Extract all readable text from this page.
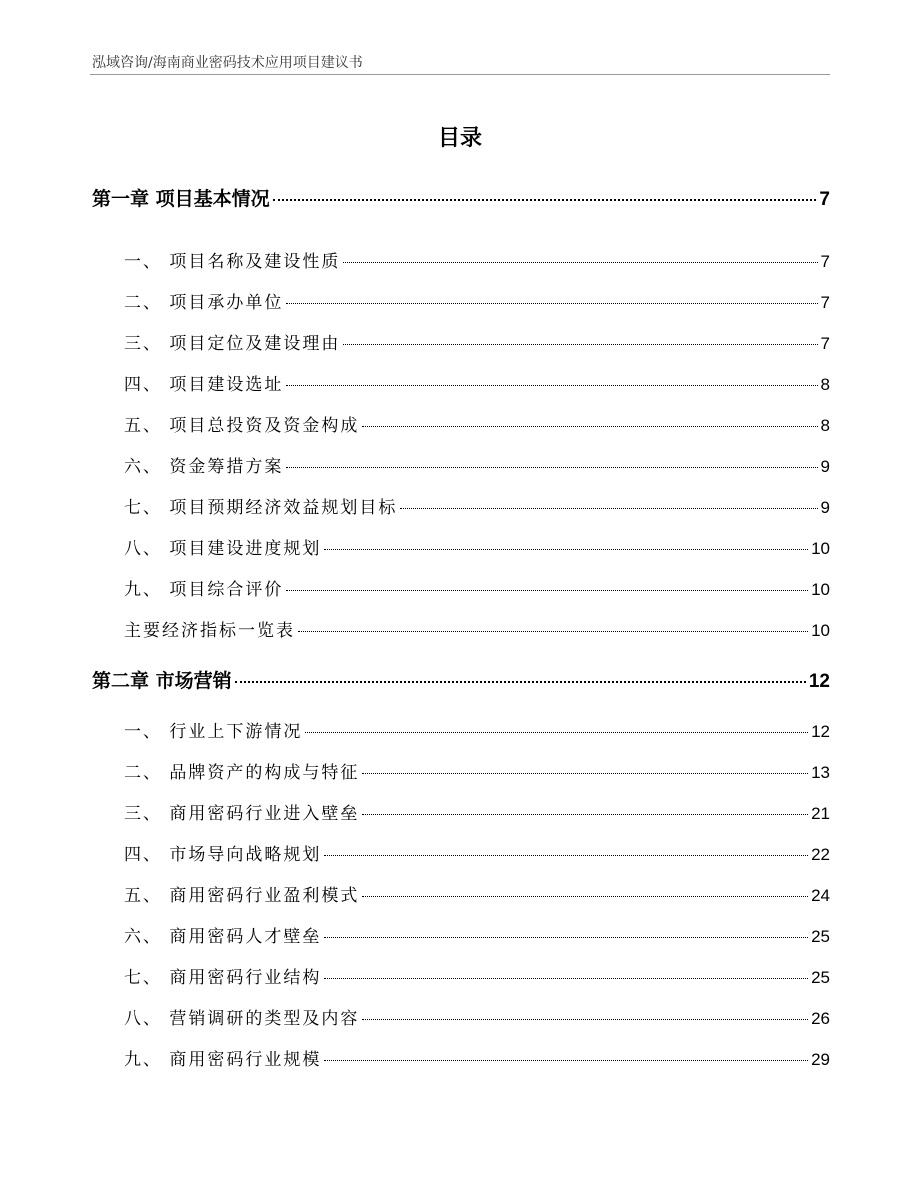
泓域咨询/海南商业密码技术应用项目建议书
目录
第一章 项目基本情况	7
一、 项目名称及建设性质	7
二、 项目承办单位	7
三、 项目定位及建设理由	7
四、 项目建设选址	8
五、 项目总投资及资金构成	8
六、 资金筹措方案	9
七、 项目预期经济效益规划目标	9
八、 项目建设进度规划	10
九、 项目综合评价	10
主要经济指标一览表	10
第二章 市场营销	12
一、 行业上下游情况	12
二、 品牌资产的构成与特征	13
三、 商用密码行业进入壁垒	21
四、 市场导向战略规划	22
五、 商用密码行业盈利模式	24
六、 商用密码人才壁垒	25
七、 商用密码行业结构	25
八、 营销调研的类型及内容	26
九、 商用密码行业规模	29
